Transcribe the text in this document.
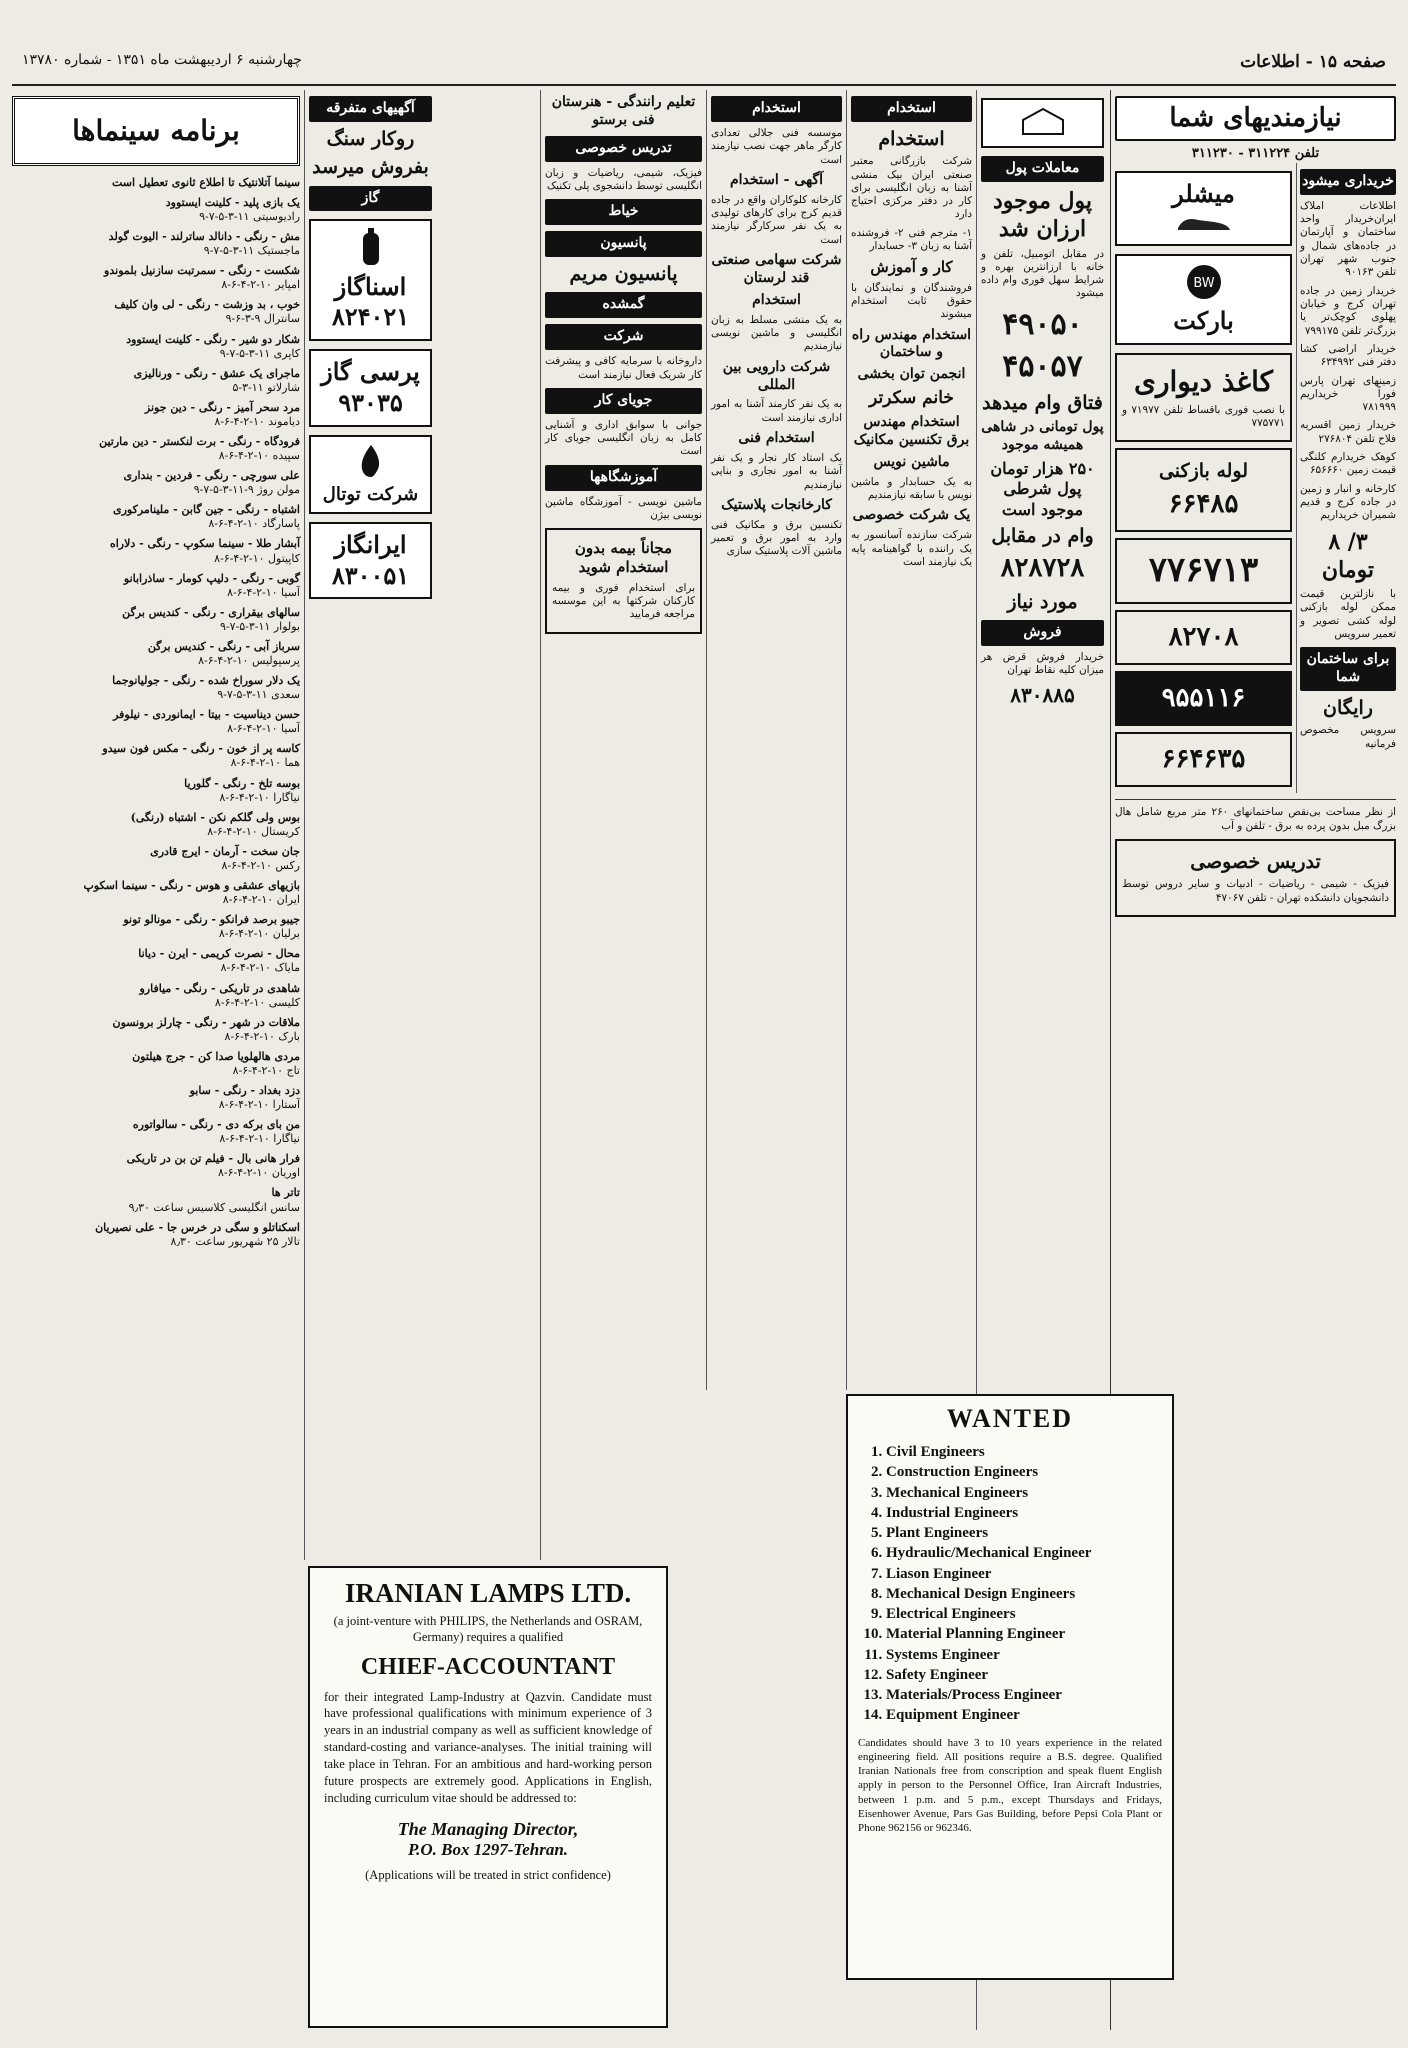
صفحه ۱۵ - اطلاعات
چهارشنبه ۶ اردیبهشت ماه ۱۳۵۱ - شماره ۱۳۷۸۰
نیازمندیهای شما
تلفن ۳۱۱۲۲۴ - ۳۱۱۲۳۰
خریداری میشود

اطلاعات املاک ایران‌خریدار واحد ساختمان و آپارتمان در جاده‌های شمال و جنوب شهر تهران تلفن ۹۰۱۶۳

خریدار زمین در جاده تهران کرج و خیابان پهلوی کوچک‌تر یا بزرگ‌تر تلفن ۷۹۹۱۷۵

خریدار اراضی کشا دفتر فنی ۶۳۴۹۹۲

زمینهای تهران پارس فوراً خریداریم ۷۸۱۹۹۹

خریدار زمین اقسریه فلاح تلفن ۲۷۶۸۰۴

کوهک خریدارم کلنگی قیمت زمین ۶۵۶۶۶۰

کارخانه و انبار و زمین در جاده کرج و قدیم شمیران خریداریم

۳/ ۸ تومان

با نازلترین قیمت ممکن لوله بازکنی لوله کشی تصویر و تعمیر سرویس

برای ساختمان شما
رایگان

سرویس مخصوص فرمانیه

میشلر
BW
بارکت
کاغذ دیواری

با نصب فوری باقساط تلفن ۷۱۹۷۷ و ۷۷۵۷۷۱

لوله بازکنی
۶۶۴۸۵
۷۷۶۷۱۳
۸۲۷۰۸
۹۵۵۱۱۶
۶۶۴۶۳۵

از نظر مساحت بی‌نقص ساختمانهای ۲۶۰ متر مربع شامل هال بزرگ مبل بدون پرده به برق - تلفن و آب

تدریس خصوصی

فیزیک - شیمی - ریاضیات - ادبیات و سایر دروس توسط دانشجویان دانشکده تهران - تلفن ۴۷۰۶۷

معاملات پول
پول موجود ارزان شد

در مقابل اتومبیل، تلفن و خانه با ارزانترین بهره و شرایط سهل فوری وام داده میشود

۴۹۰۵۰
۴۵۰۵۷
فتاق وام میدهد
پول تومانی در شاهی همیشه موجود
۲۵۰ هزار تومان پول شرطی موجود است
وام در مقابل
۸۲۸۷۲۸
مورد نیاز
فروش

خریدار فروش قرض هر میزان کلیه نقاط تهران

۸۳۰۸۸۵
استخدام
استخدام

شرکت بازرگانی معتبر صنعتی ایران بیک منشی آشنا به زبان انگلیسی برای کار در دفتر مرکزی احتیاج دارد

۱- مترجم فنی ۲- فروشنده آشنا به زبان ۳- حسابدار

کار و آموزش

فروشندگان و نمایندگان با حقوق ثابت استخدام میشوند

استخدام مهندس راه و ساختمان
انجمن توان بخشی
خانم سکرتر
استخدام مهندس برق تکنسین مکانیک
ماشین نویس

به یک حسابدار و ماشین نویس با سابقه نیازمندیم

یک شرکت خصوصی

شرکت سازنده آسانسور به یک راننده با گواهینامه پایه یک نیازمند است

استخدام

موسسه فنی جلالی تعدادی کارگر ماهر جهت نصب نیازمند است

آگهی - استخدام

کارخانه کلوکاران واقع در جاده قدیم کرج برای کارهای تولیدی به یک نفر سرکارگر نیازمند است

شرکت سهامی صنعتی قند لرستان
استخدام

به یک منشی مسلط به زبان انگلیسی و ماشین نویسی نیازمندیم

شرکت دارویی بین المللی

به یک نفر کارمند آشنا به امور اداری نیازمند است

استخدام فنی

یک استاد کار نجار و یک نفر آشنا به امور نجاری و بنایی نیازمندیم

کارخانجات پلاستیک

تکنسین برق و مکانیک فنی وارد به امور برق و تعمیر ماشین آلات پلاستیک سازی

تعلیم رانندگی - هنرستان فنی برستو
تدریس خصوصی

فیزیک، شیمی، ریاضیات و زبان انگلیسی توسط دانشجوی پلی تکنیک

خیاط
پانسیون
پانسیون مریم
گمشده
شرکت

داروخانه با سرمایه کافی و پیشرفت کار شریک فعال نیازمند است

جویای کار

جوانی با سوابق اداری و آشنایی کامل به زبان انگلیسی جویای کار است

آموزشگاهها

ماشین نویسی - آموزشگاه ماشین نویسی بیژن

مجاناً بیمه بدون استخدام شوید

برای استخدام فوری و بیمه کارکنان شرکتها به این موسسه مراجعه فرمایید

آگهیهای متفرقه
روکار سنگ
بفروش میرسد
گاز
اسناگاز
۸۲۴۰۲۱
پرسی گاز
۹۳۰۳۵
شرکت توتال
ایرانگاز
۸۳۰۰۵۱
برنامه سینماها
سینما آتلانتیک تا اطلاع ثانوی تعطیل است
یک بازی پلید - کلینت ایستوود
رادیوسیتی ۱۱-۳-۵-۷-۹
مش - رنگی - دانالد ساترلند - الیوت گولد
ماجستیک ۱۱-۳-۵-۷-۹
شکست - رنگی - سمرتبت سازنیل بلموندو
امپایر ۱۰-۲-۴-۶-۸
خوب ، بد وزشت - رنگی - لی وان کلیف
سانترال ۹-۳-۶-۹
شکار دو شیر - رنگی - کلینت ایستوود
کاپری ۱۱-۳-۵-۷-۹
ماجرای یک عشق - رنگی - ورنالیزی
شارلاتو ۱۱-۳-۵
مرد سحر آمیز - رنگی - دین جونز
دیاموند ۱۰-۲-۴-۶-۸
فرودگاه - رنگی - برت لنکستر - دین مارتین
سپیده ۱۰-۲-۴-۶-۸
علی سورچی - رنگی - فردین - بنداری
مولن روژ ۹-۱۱-۳-۵-۷-۹
اشتباه - رنگی - جین گابن - ملینامرکوری
پاسارگاد ۱۰-۲-۴-۶-۸
آبشار طلا - سینما سکوپ - رنگی - دلاراه
کاپیتول ۱۰-۲-۴-۶-۸
گوبی - رنگی - دلیپ کومار - ساذرابانو
آسیا ۱۰-۲-۴-۶-۸
سالهای بیقراری - رنگی - کندیس برگن
بولوار ۱۱-۳-۵-۷-۹
سرباز آبی - رنگی - کندیس برگن
پرسپولیس ۱۰-۲-۴-۶-۸
یک دلار سوراخ شده - رنگی - جولیانوجما
سعدی ۱۱-۳-۵-۷-۹
حسن دیناسیت - بیتا - ایمانوردی - نیلوفر
آسیا ۱۰-۲-۴-۶-۸
کاسه پر از خون - رنگی - مکس فون سیدو
هما ۱۰-۲-۴-۶-۸
بوسه تلخ - رنگی - گلوریا
نیاگارا ۱۰-۲-۴-۶-۸
بوس ولی گلکم نکن - اشتباه (رنگی)
کریستال ۱۰-۲-۴-۶-۸
جان سخت - آرمان - ایرج قادری
رکس ۱۰-۲-۴-۶-۸
بازیهای عشقی و هوس - رنگی - سینما اسکوپ
ایران ۱۰-۲-۴-۶-۸
جیبو برصد فرانکو - رنگی - مونالو تونو
برلیان ۱۰-۲-۴-۶-۸
محال - نصرت کریمی - ایرن - دیانا
مایاک ۱۰-۲-۴-۶-۸
شاهدی در تاریکی - رنگی - میافارو
کلیسی ۱۰-۲-۴-۶-۸
ملاقات در شهر - رنگی - چارلز برونسون
بارک ۱۰-۲-۴-۶-۸
مردی هالهلویا صدا کن - جرج هیلتون
تاج ۱۰-۲-۴-۶-۸
دزد بغداد - رنگی - سابو
آستارا ۱۰-۲-۴-۶-۸
من بای برکه دی - رنگی - سالواتوره
نیاگارا ۱۰-۲-۴-۶-۸
فرار هانی بال - فیلم تن بن در تاریکی
اوریان ۱۰-۲-۴-۶-۸
تاتر ها
سانس انگلیسی کلاسیس ساعت ۹٫۳۰
اسکناتلو و سگی در خرس جا - علی نصیریان
تالار ۲۵ شهریور ساعت ۸٫۳۰
WANTED
1. Civil Engineers
2. Construction Engineers
3. Mechanical Engineers
4. Industrial Engineers
5. Plant Engineers
6. Hydraulic/Mechanical Engineer
7. Liason Engineer
8. Mechanical Design Engineers
9. Electrical Engineers
10. Material Planning Engineer
11. Systems Engineer
12. Safety Engineer
13. Materials/Process Engineer
14. Equipment Engineer
Candidates should have 3 to 10 years experience in the related engineering field. All positions require a B.S. degree. Qualified Iranian Nationals free from conscription and speak fluent English apply in person to the Personnel Office, Iran Aircraft Industries, between 1 p.m. and 5 p.m., except Thursdays and Fridays, Eisenhower Avenue, Pars Gas Building, before Pepsi Cola Plant or Phone 962156 or 962346.
IRANIAN LAMPS LTD.
(a joint-venture with PHILIPS, the Netherlands and OSRAM, Germany) requires a qualified
CHIEF-ACCOUNTANT
for their integrated Lamp-Industry at Qazvin. Candidate must have professional qualifications with minimum experience of 3 years in an industrial company as well as sufficient knowledge of standard-costing and variance-analyses. The initial training will take place in Tehran. For an ambitious and hard-working person future prospects are extremely good. Applications in English, including curriculum vitae should be addressed to:
The Managing Director,
P.O. Box 1297-Tehran.
(Applications will be treated in strict confidence)
